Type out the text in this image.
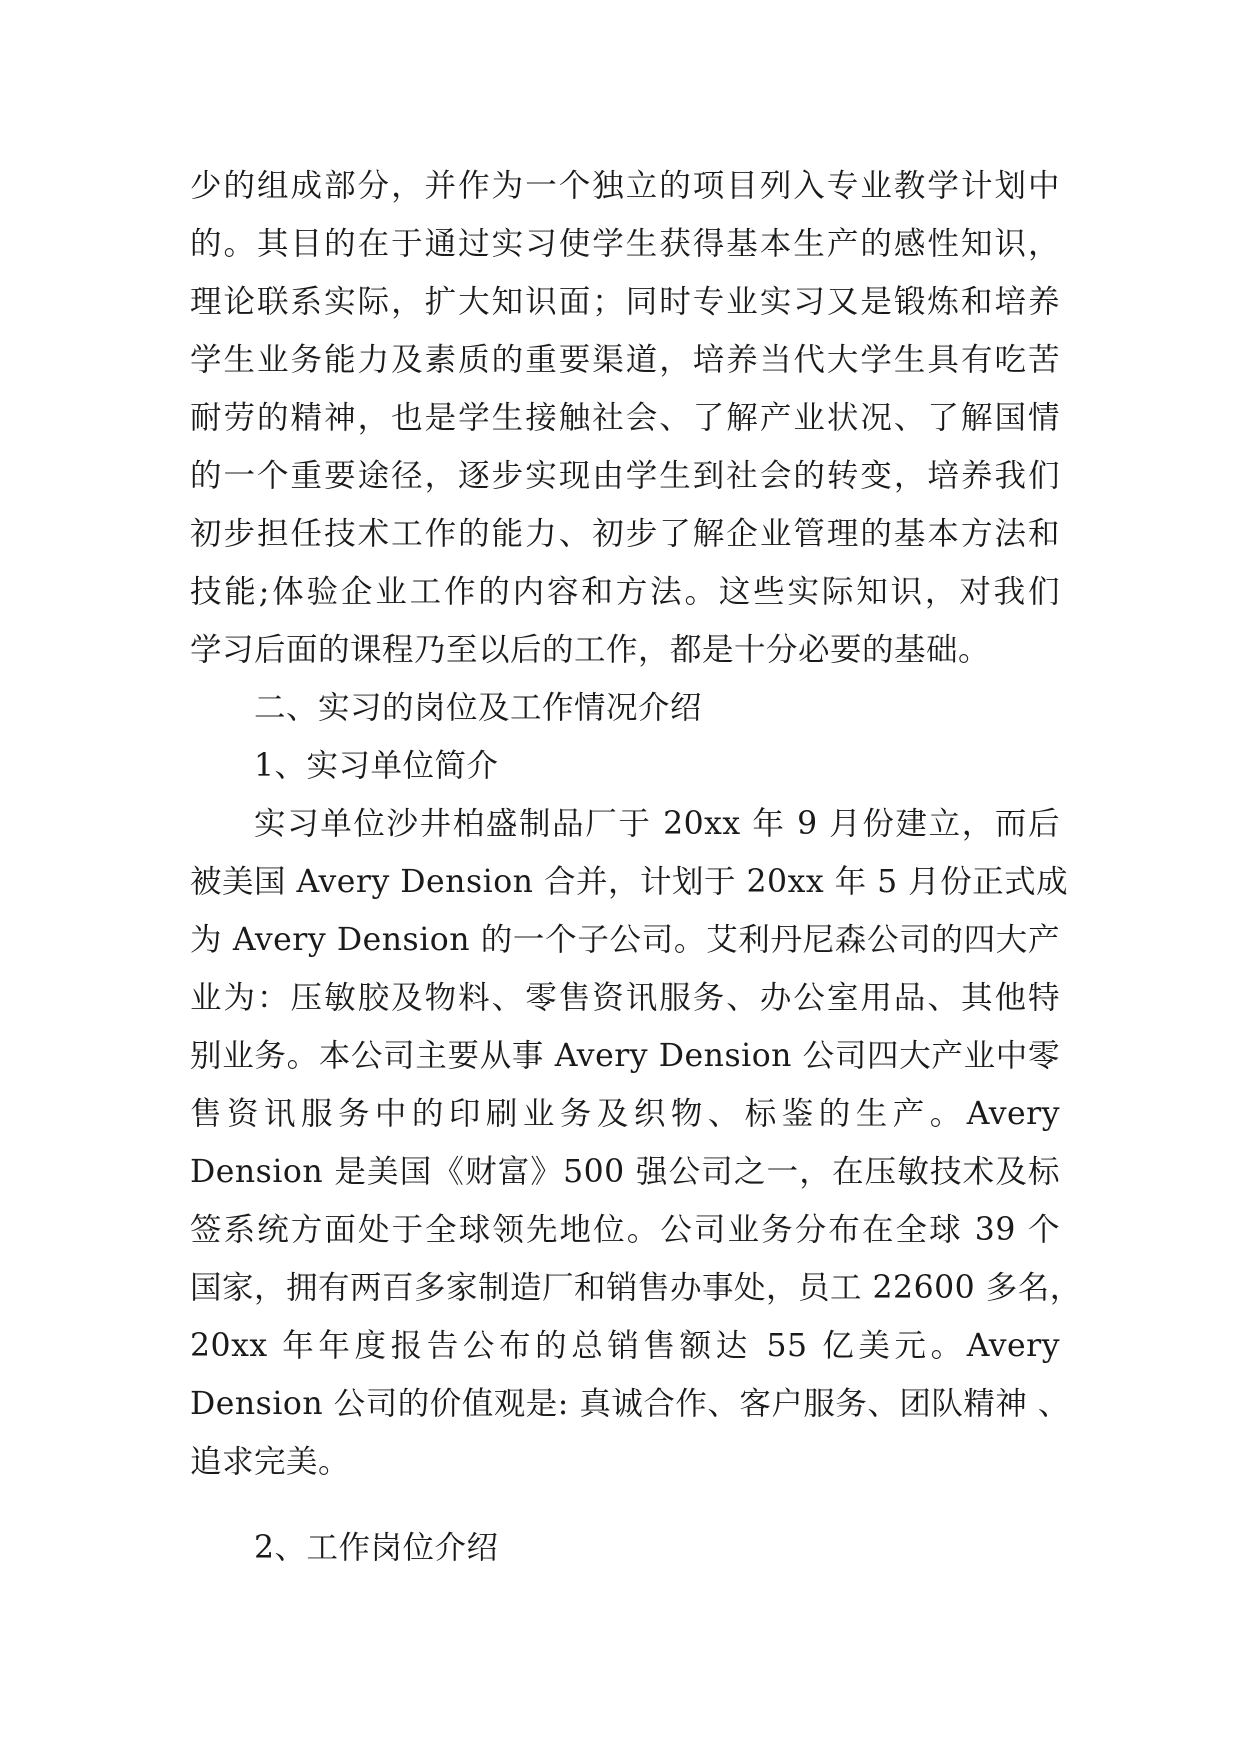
少的组成部分，并作为一个独立的项目列入专业教学计划中
的。其目的在于通过实习使学生获得基本生产的感性知识，
理论联系实际，扩大知识面；同时专业实习又是锻炼和培养
学生业务能力及素质的重要渠道，培养当代大学生具有吃苦
耐劳的精神，也是学生接触社会、了解产业状况、了解国情
的一个重要途径，逐步实现由学生到社会的转变，培养我们
初步担任技术工作的能力、初步了解企业管理的基本方法和
技能;体验企业工作的内容和方法。这些实际知识，对我们
学习后面的课程乃至以后的工作，都是十分必要的基础。
二、实习的岗位及工作情况介绍
1、实习单位简介
实习单位沙井柏盛制品厂于 20xx 年 9 月份建立，而后
被美国 Avery Dension 合并，计划于 20xx 年 5 月份正式成
为 Avery Dension 的一个子公司。艾利丹尼森公司的四大产
业为：压敏胶及物料、零售资讯服务、办公室用品、其他特
别业务。本公司主要从事 Avery Dension 公司四大产业中零
售资讯服务中的印刷业务及织物、标鉴的生产。Avery
Dension 是美国《财富》500 强公司之一，在压敏技术及标
签系统方面处于全球领先地位。公司业务分布在全球 39 个
国家，拥有两百多家制造厂和销售办事处，员工 22600 多名，
20xx 年年度报告公布的总销售额达 55 亿美元。Avery
Dension 公司的价值观是: 真诚合作、客户服务、团队精神 、
追求完美。
2、工作岗位介绍
